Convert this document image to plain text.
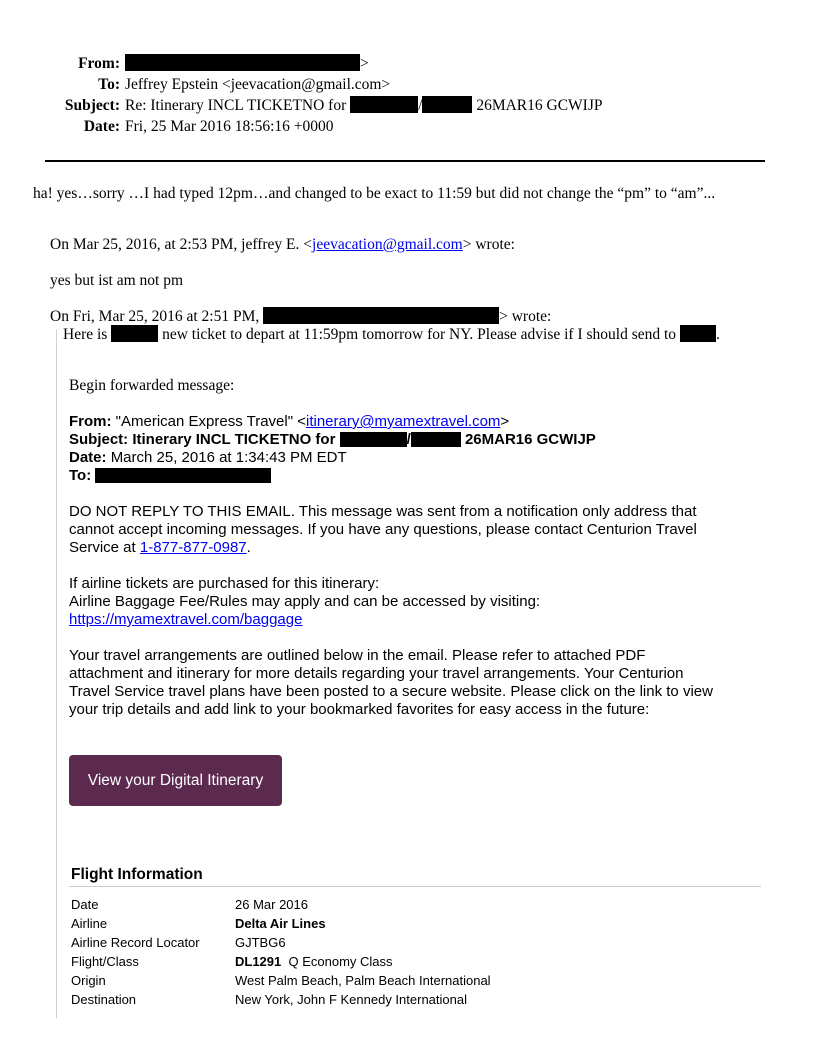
From:	>
To: Jeffrey Epstein <jeevacation@gmail.com>
Subject: Re: Itinerary INCL TICKETNO for	/	26MAR16 GCWIJP
Date: Fri, 25 Mar 2016 18:56:16 +0000
ha! yes…sorry …I had typed 12pm…and changed to be exact to 11:59 but did not change the “pm” to “am”...
On Mar 25, 2016, at 2:53 PM, jeffrey E. <jeevacation@gmail.com> wrote:
yes but ist am not pm
On Fri, Mar 25, 2016 at 2:51 PM,	> wrote:
Here is	new ticket to depart at 11:59pm tomorrow for NY. Please advise if I should send to	.
Begin forwarded message:
From: "American Express Travel" <itinerary@myamextravel.com>
Subject: Itinerary INCL TICKETNO for	/	26MAR16 GCWIJP
Date: March 25, 2016 at 1:34:43 PM EDT
To:
DO NOT REPLY TO THIS EMAIL. This message was sent from a notification only address that
cannot accept incoming messages. If you have any questions, please contact Centurion Travel
Service at 1-877-877-0987.
If airline tickets are purchased for this itinerary:
Airline Baggage Fee/Rules may apply and can be accessed by visiting:
https://myamextravel.com/baggage
Your travel arrangements are outlined below in the email. Please refer to attached PDF
attachment and itinerary for more details regarding your travel arrangements. Your Centurion
Travel Service travel plans have been posted to a secure website. Please click on the link to view
your trip details and add link to your bookmarked favorites for easy access in the future:
View your Digital Itinerary
Flight Information
Date	26 Mar 2016
Airline	Delta Air Lines
Airline Record Locator	GJTBG6
Flight/Class	DL1291 Q Economy Class
Origin	West Palm Beach, Palm Beach International
Destination	New York, John F Kennedy International
